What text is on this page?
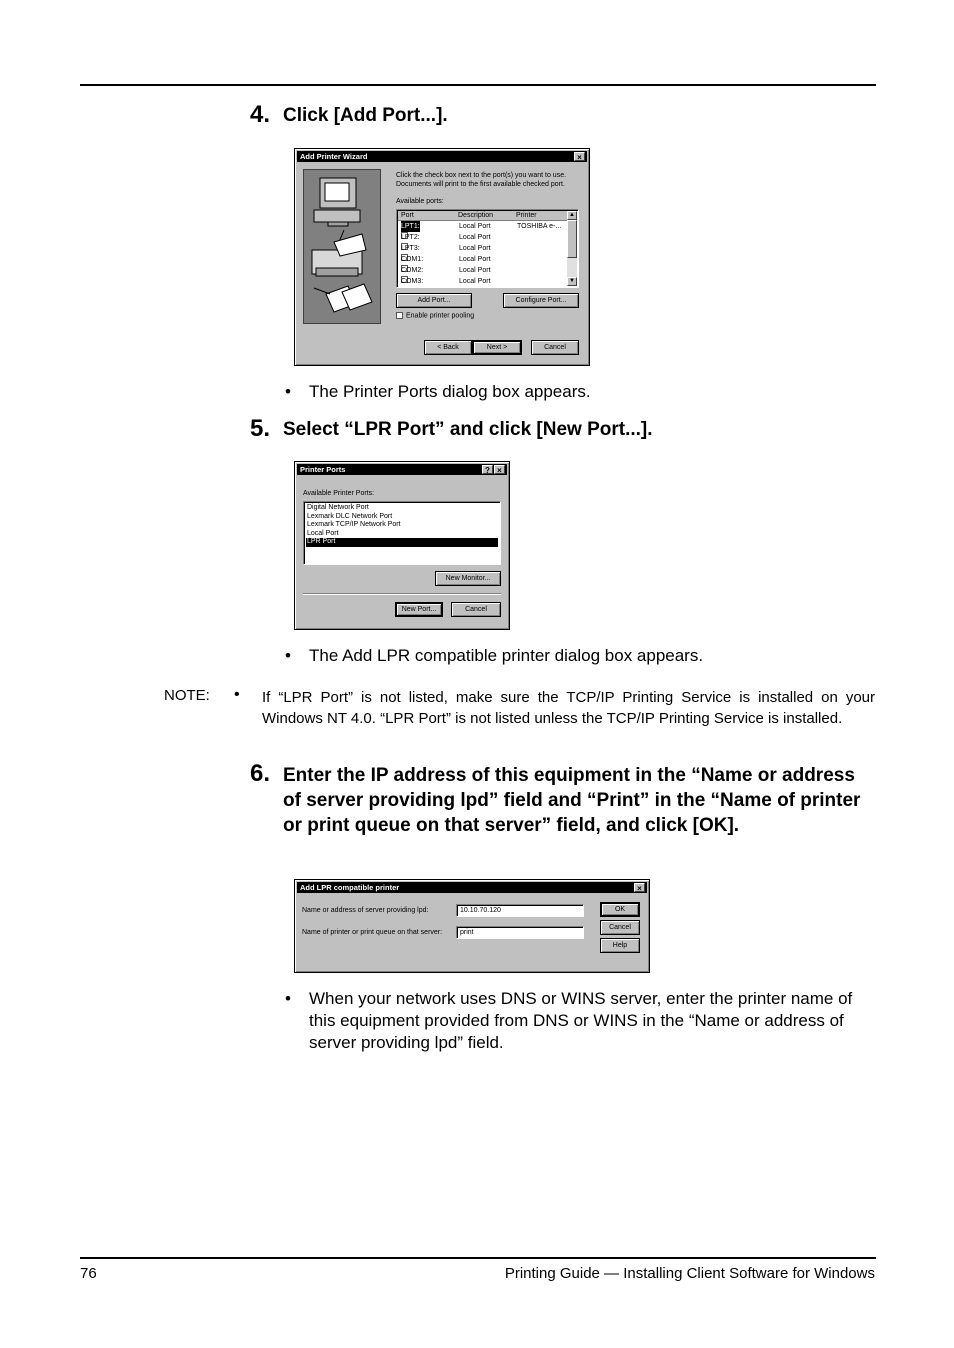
4. Click [Add Port...].
Add Printer Wizard	×
Click the check box next to the port(s) you want to use. Documents will print to the first available checked port.
Available ports:
Port	Description	Printer
LPT1:	Local Port	TOSHIBA e-...
LPT2:	Local Port
LPT3:	Local Port
COM1:	Local Port
COM2:	Local Port
COM3:	Local Port
▲
▼
Add Port...	Configure Port...
Enable printer pooling
< Back	Next >	Cancel
• The Printer Ports dialog box appears.
5. Select “LPR Port” and click [New Port...].
Printer Ports	? ×
Available Printer Ports:
Digital Network Port
Lexmark DLC Network Port
Lexmark TCP/IP Network Port
Local Port
LPR Port
New Monitor...
New Port...	Cancel
• The Add LPR compatible printer dialog box appears.
NOTE: • If “LPR Port” is not listed, make sure the TCP/IP Printing Service is installed on your Windows NT 4.0. “LPR Port” is not listed unless the TCP/IP Printing Service is installed.
6. Enter the IP address of this equipment in the “Name or address of server providing lpd” field and “Print” in the “Name of printer or print queue on that server” field, and click [OK].
Add LPR compatible printer	×
Name or address of server providing lpd:	10.10.70.120
Name of printer or print queue on that server:	print
OK
Cancel
Help
• When your network uses DNS or WINS server, enter the printer name of this equipment provided from DNS or WINS in the “Name or address of server providing lpd” field.
76	Printing Guide — Installing Client Software for Windows
